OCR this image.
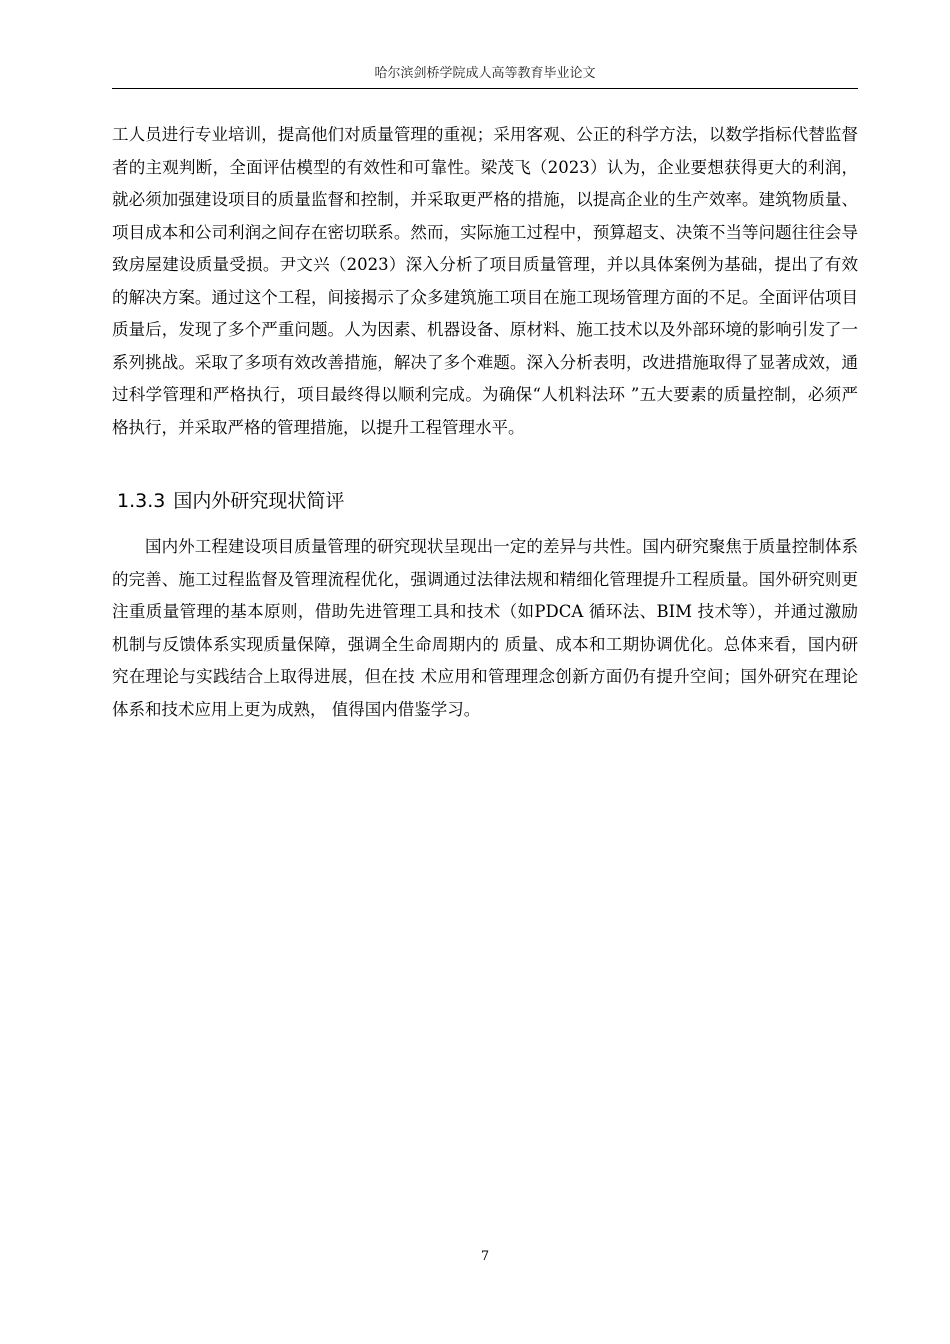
哈尔滨剑桥学院成人高等教育毕业论文

工人员进行专业培训，提高他们对质量管理的重视；采用客观、公正的科学方法，以数学指标代替监督者的主观判断，全面评估模型的有效性和可靠性。梁茂飞（2023）认为，企业要想获得更大的利润，就必须加强建设项目的质量监督和控制，并采取更严格的措施，以提高企业的生产效率。建筑物质量、项目成本和公司利润之间存在密切联系。然而，实际施工过程中，预算超支、决策不当等问题往往会导致房屋建设质量受损。尹文兴（2023）深入分析了项目质量管理，并以具体案例为基础，提出了有效的解决方案。通过这个工程，间接揭示了众多建筑施工项目在施工现场管理方面的不足。全面评估项目质量后，发现了多个严重问题。人为因素、机器设备、原材料、施工技术以及外部环境的影响引发了一系列挑战。采取了多项有效改善措施，解决了多个难题。深入分析表明，改进措施取得了显著成效，通过科学管理和严格执行，项目最终得以顺利完成。为确保“人机料法环 ”五大要素的质量控制，必须严格执行，并采取严格的管理措施，以提升工程管理水平。

1.3.3 国内外研究现状简评

国内外工程建设项目质量管理的研究现状呈现出一定的差异与共性。国内研究聚焦于质量控制体系的完善、施工过程监督及管理流程优化，强调通过法律法规和精细化管理提升工程质量。国外研究则更注重质量管理的基本原则，借助先进管理工具和技术（如PDCA 循环法、BIM 技术等），并通过激励机制与反馈体系实现质量保障，强调全生命周期内的 质量、成本和工期协调优化。总体来看，国内研究在理论与实践结合上取得进展，但在技 术应用和管理理念创新方面仍有提升空间；国外研究在理论体系和技术应用上更为成熟， 值得国内借鉴学习。

7
